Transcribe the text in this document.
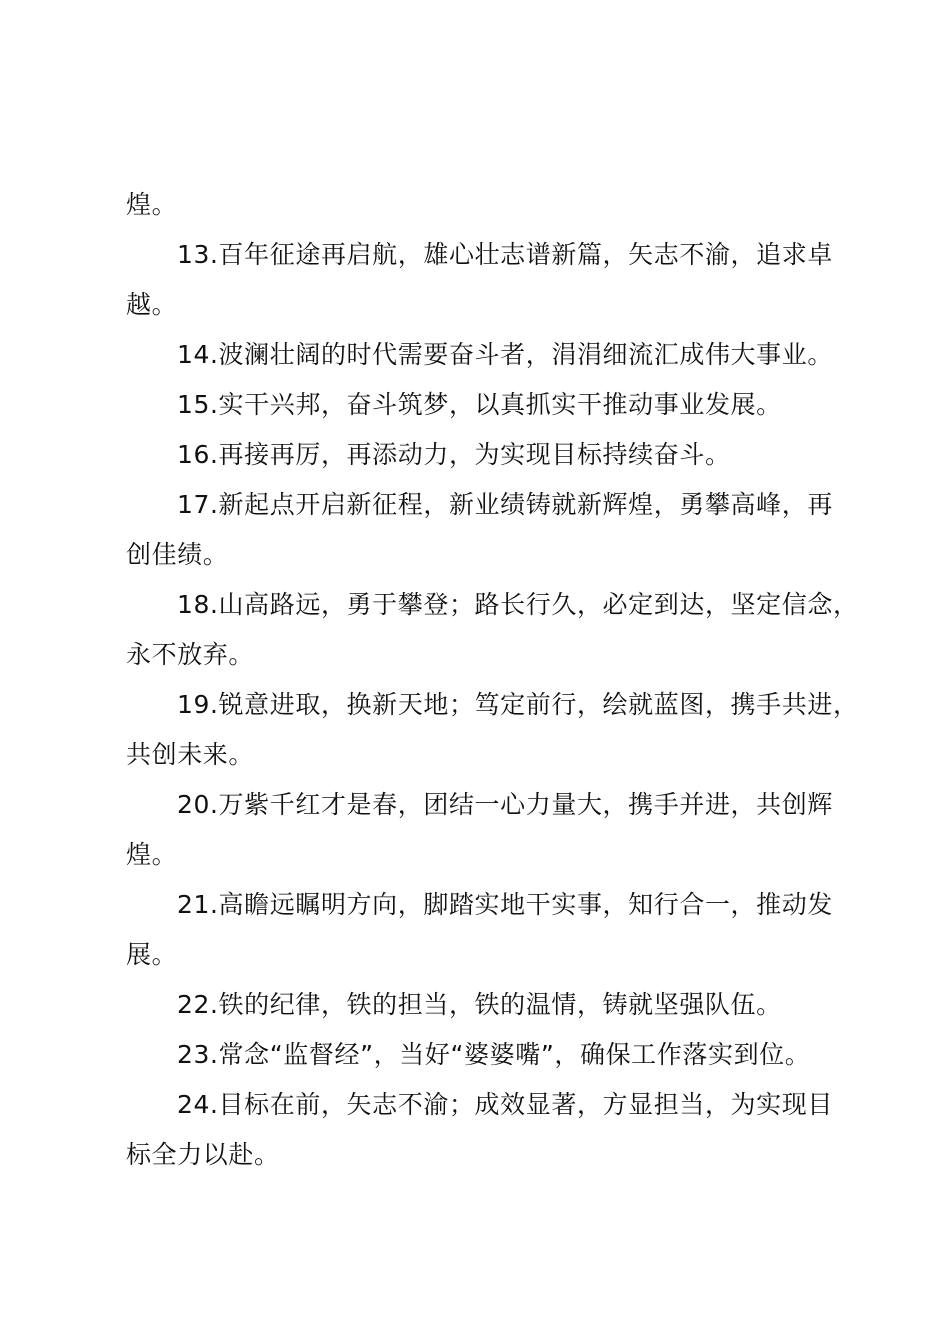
煌。
13.百年征途再启航，雄心壮志谱新篇，矢志不渝，追求卓
越。
14.波澜壮阔的时代需要奋斗者，涓涓细流汇成伟大事业。
15.实干兴邦，奋斗筑梦，以真抓实干推动事业发展。
16.再接再厉，再添动力，为实现目标持续奋斗。
17.新起点开启新征程，新业绩铸就新辉煌，勇攀高峰，再
创佳绩。
18.山高路远，勇于攀登；路长行久，必定到达，坚定信念，
永不放弃。
19.锐意进取，换新天地；笃定前行，绘就蓝图，携手共进，
共创未来。
20.万紫千红才是春，团结一心力量大，携手并进，共创辉
煌。
21.高瞻远瞩明方向，脚踏实地干实事，知行合一，推动发
展。
22.铁的纪律，铁的担当，铁的温情，铸就坚强队伍。
23.常念“监督经”，当好“婆婆嘴”，确保工作落实到位。
24.目标在前，矢志不渝；成效显著，方显担当，为实现目
标全力以赴。
